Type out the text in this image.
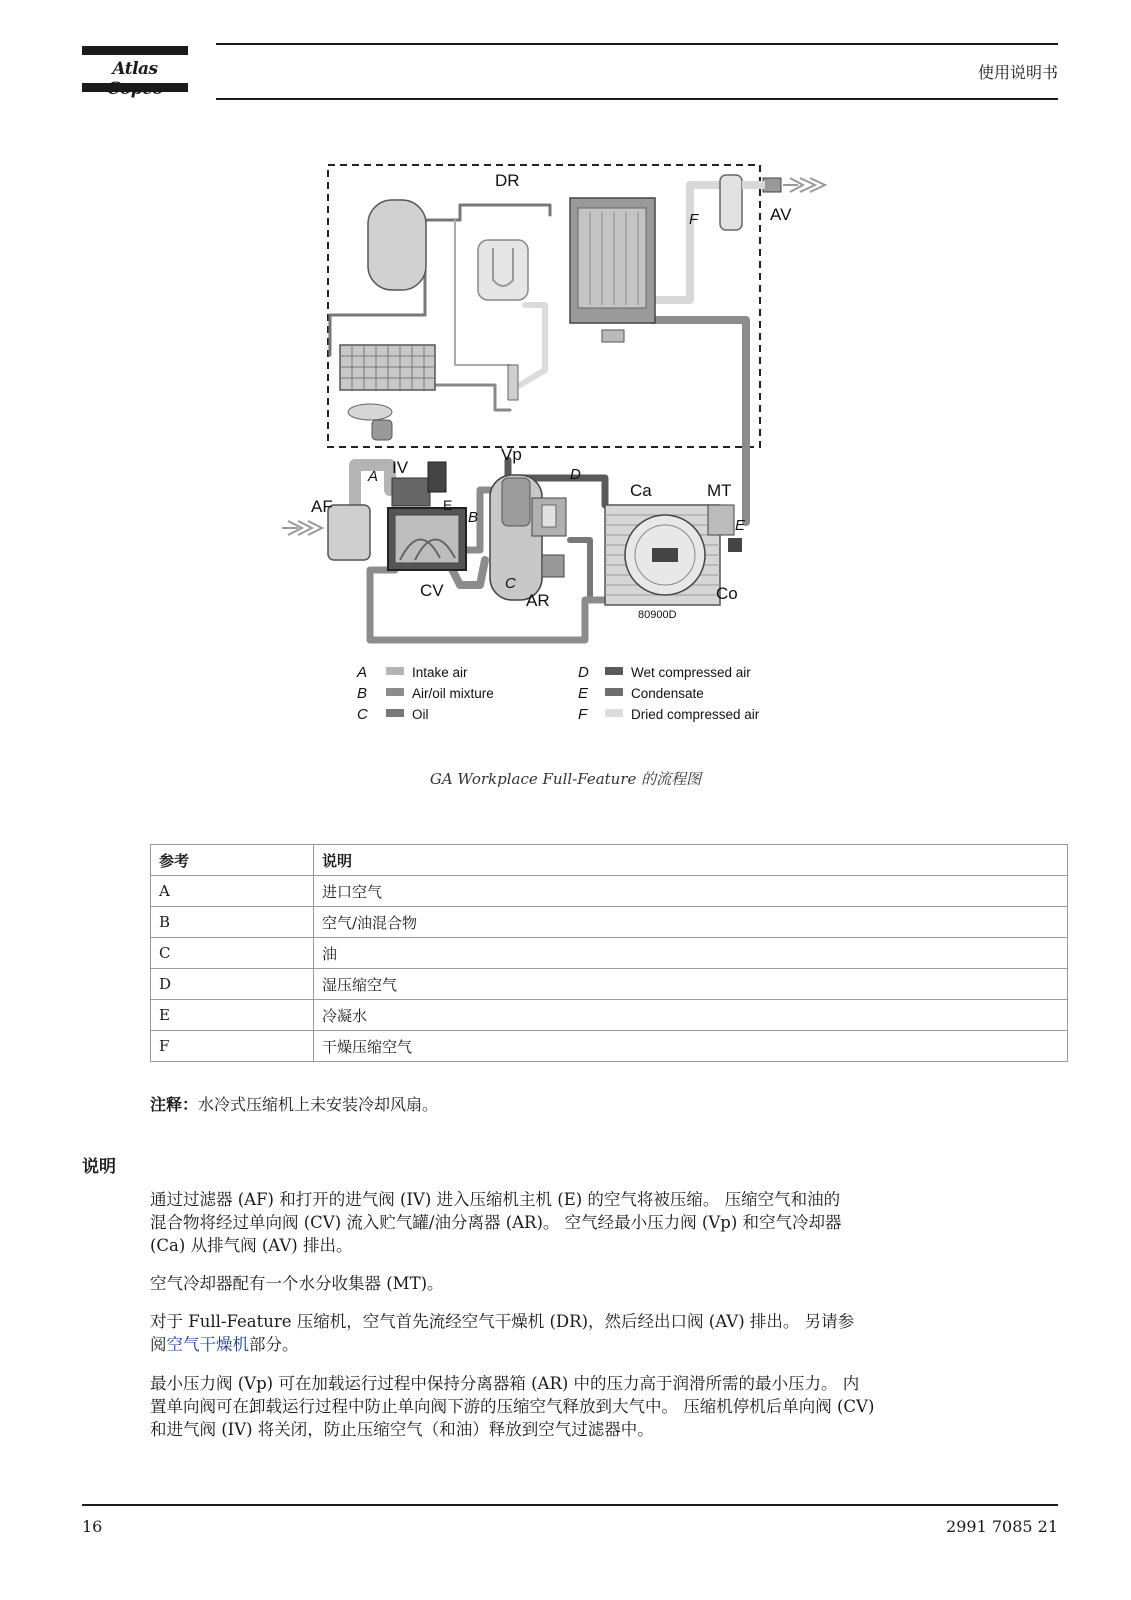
Atlas	使用说明书
DR
AV
F
AF
A IV
Vp
D
E
B
Ca	MT
E
CV	C
AR	Co
80900D
A	Intake air
B	Air/oil mixture
C	Oil
D	Wet compressed air
E	Condensate
F	Dried compressed air
GA Workplace Full-Feature 的流程图
参考	说明
A	进口空气
B	空气/油混合物
C	油
D	湿压缩空气
E	冷凝水
F	干燥压缩空气
注释：水冷式压缩机上未安装冷却风扇。
说明
通过过滤器 (AF) 和打开的进气阀 (IV) 进入压缩机主机 (E) 的空气将被压缩。 压缩空气和油的
混合物将经过单向阀 (CV) 流入贮气罐/油分离器 (AR)。 空气经最小压力阀 (Vp) 和空气冷却器
(Ca) 从排气阀 (AV) 排出。
空气冷却器配有一个水分收集器 (MT)。
对于 Full-Feature 压缩机，空气首先流经空气干燥机 (DR)，然后经出口阀 (AV) 排出。 另请参
阅空气干燥机部分。
最小压力阀 (Vp) 可在加载运行过程中保持分离器箱 (AR) 中的压力高于润滑所需的最小压力。 内
置单向阀可在卸载运行过程中防止单向阀下游的压缩空气释放到大气中。 压缩机停机后单向阀 (CV)
和进气阀 (IV) 将关闭，防止压缩空气（和油）释放到空气过滤器中。
16	2991 7085 21
